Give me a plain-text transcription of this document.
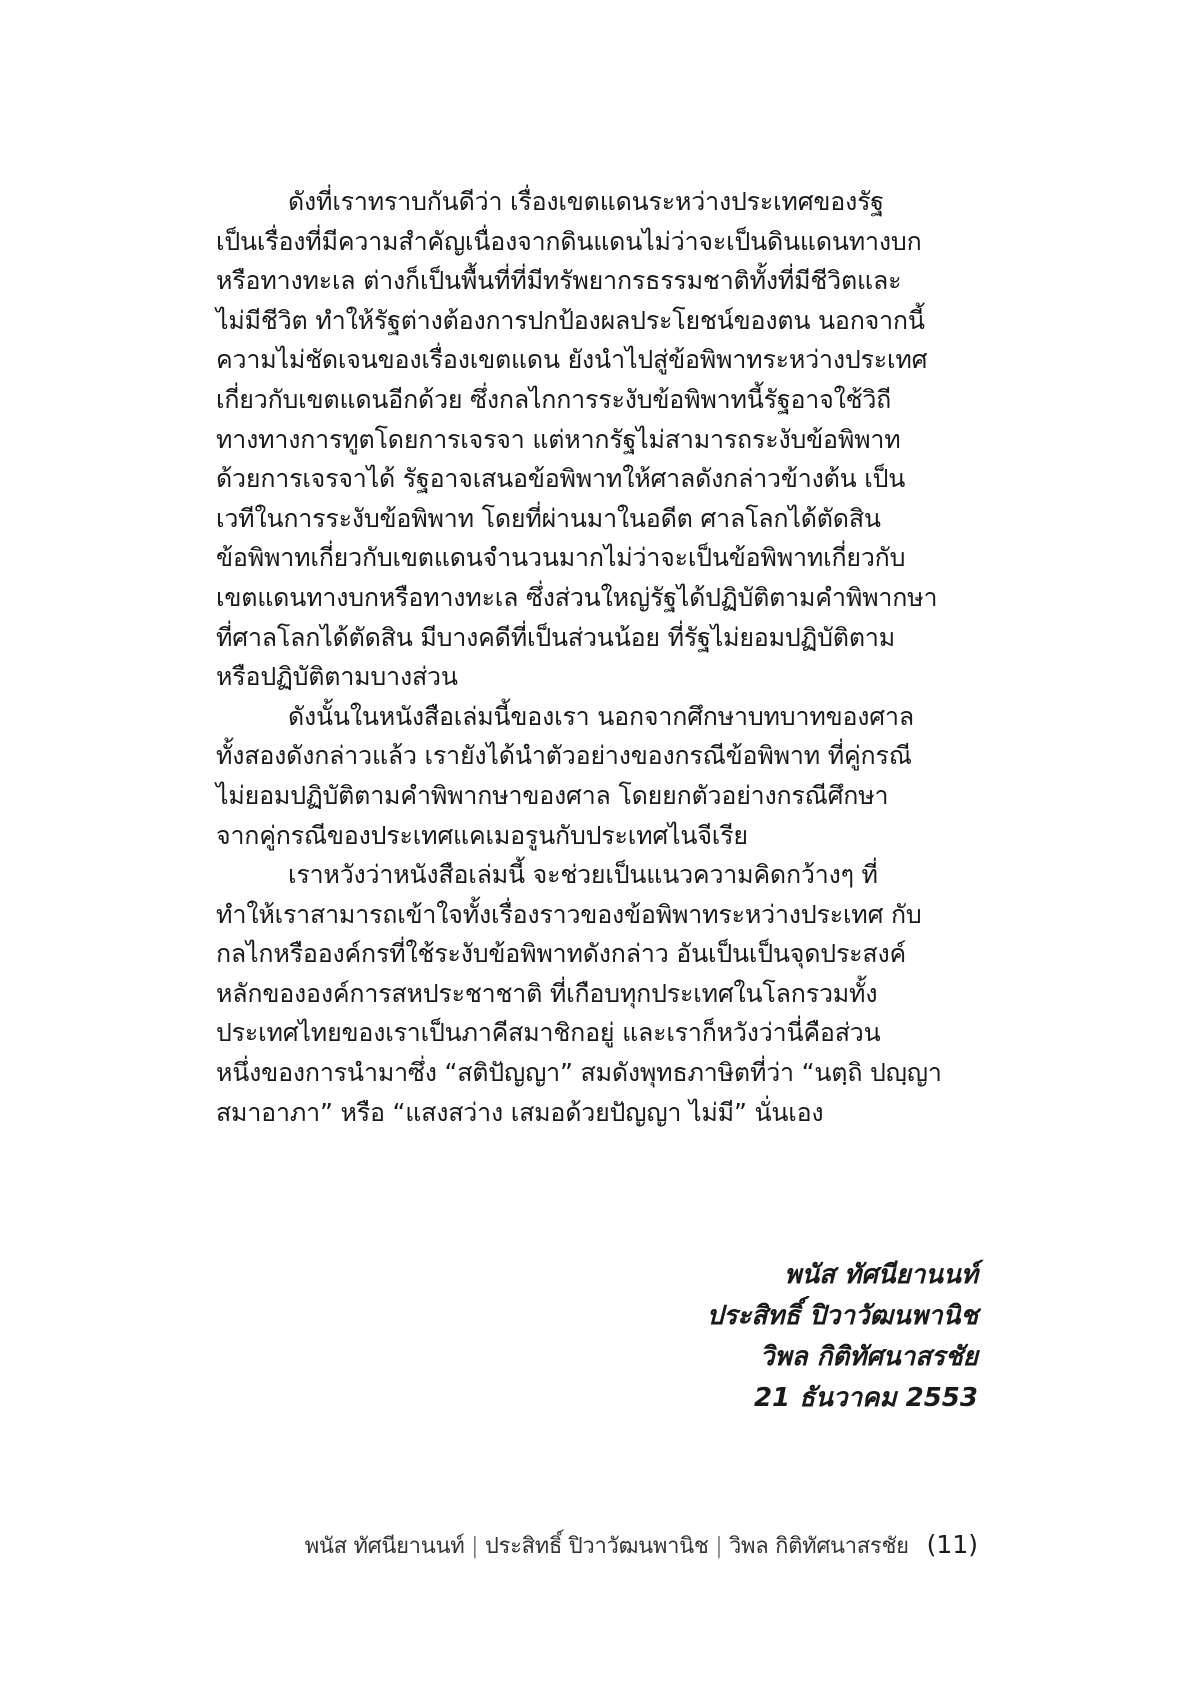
ดังที่เราทราบกันดีว่า เรื่องเขตแดนระหว่างประเทศของรัฐ
เป็นเรื่องที่มีความสำคัญเนื่องจากดินแดนไม่ว่าจะเป็นดินแดนทางบก
หรือทางทะเล ต่างก็เป็นพื้นที่ที่มีทรัพยากรธรรมชาติทั้งที่มีชีวิตและ
ไม่มีชีวิต ทำให้รัฐต่างต้องการปกป้องผลประโยชน์ของตน นอกจากนี้
ความไม่ชัดเจนของเรื่องเขตแดน ยังนำไปสู่ข้อพิพาทระหว่างประเทศ
เกี่ยวกับเขตแดนอีกด้วย ซึ่งกลไกการระงับข้อพิพาทนี้รัฐอาจใช้วิถี
ทางทางการทูตโดยการเจรจา แต่หากรัฐไม่สามารถระงับข้อพิพาท
ด้วยการเจรจาได้ รัฐอาจเสนอข้อพิพาทให้ศาลดังกล่าวข้างต้น เป็น
เวทีในการระงับข้อพิพาท โดยที่ผ่านมาในอดีต ศาลโลกได้ตัดสิน
ข้อพิพาทเกี่ยวกับเขตแดนจำนวนมากไม่ว่าจะเป็นข้อพิพาทเกี่ยวกับ
เขตแดนทางบกหรือทางทะเล ซึ่งส่วนใหญ่รัฐได้ปฏิบัติตามคำพิพากษา
ที่ศาลโลกได้ตัดสิน มีบางคดีที่เป็นส่วนน้อย ที่รัฐไม่ยอมปฏิบัติตาม
หรือปฏิบัติตามบางส่วน
ดังนั้นในหนังสือเล่มนี้ของเรา นอกจากศึกษาบทบาทของศาล
ทั้งสองดังกล่าวแล้ว เรายังได้นำตัวอย่างของกรณีข้อพิพาท ที่คู่กรณี
ไม่ยอมปฏิบัติตามคำพิพากษาของศาล โดยยกตัวอย่างกรณีศึกษา
จากคู่กรณีของประเทศแคเมอรูนกับประเทศไนจีเรีย
เราหวังว่าหนังสือเล่มนี้ จะช่วยเป็นแนวความคิดกว้างๆ ที่
ทำให้เราสามารถเข้าใจทั้งเรื่องราวของข้อพิพาทระหว่างประเทศ กับ
กลไกหรือองค์กรที่ใช้ระงับข้อพิพาทดังกล่าว อันเป็นเป็นจุดประสงค์
หลักขององค์การสหประชาชาติ ที่เกือบทุกประเทศในโลกรวมทั้ง
ประเทศไทยของเราเป็นภาคีสมาชิกอยู่ และเราก็หวังว่านี่คือส่วน
หนึ่งของการนำมาซึ่ง “สติปัญญา” สมดังพุทธภาษิตที่ว่า “นตฺถิ ปญฺญา
สมาอาภา” หรือ “แสงสว่าง เสมอด้วยปัญญา ไม่มี” นั่นเอง
พนัส ทัศนียานนท์
ประสิทธิ์ ปิวาวัฒนพานิช
วิพล กิติทัศนาสรชัย
21 ธันวาคม 2553
พนัส ทัศนียานนท์ | ประสิทธิ์ ปิวาวัฒนพานิช | วิพล กิติทัศนาสรชัย (11)
